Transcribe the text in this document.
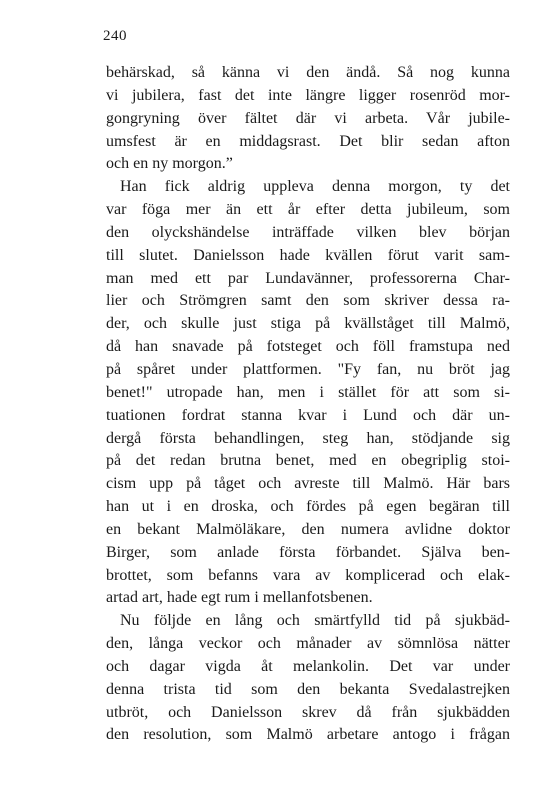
240
behärskad, så känna vi den ändå. Så nog kunna
vi jubilera, fast det inte längre ligger rosenröd mor-
gongryning över fältet där vi arbeta. Vår jubile-
umsfest är en middagsrast. Det blir sedan afton
och en ny morgon.”
Han fick aldrig uppleva denna morgon, ty det
var föga mer än ett år efter detta jubileum, som
den olyckshändelse inträffade vilken blev början
till slutet. Danielsson hade kvällen förut varit sam-
man med ett par Lundavänner, professorerna Char-
lier och Strömgren samt den som skriver dessa ra-
der, och skulle just stiga på kvällståget till Malmö,
då han snavade på fotsteget och föll framstupa ned
på spåret under plattformen. "Fy fan, nu bröt jag
benet!" utropade han, men i stället för att som si-
tuationen fordrat stanna kvar i Lund och där un-
dergå första behandlingen, steg han, stödjande sig
på det redan brutna benet, med en obegriplig stoi-
cism upp på tåget och avreste till Malmö. Här bars
han ut i en droska, och fördes på egen begäran till
en bekant Malmöläkare, den numera avlidne doktor
Birger, som anlade första förbandet. Själva ben-
brottet, som befanns vara av komplicerad och elak-
artad art, hade egt rum i mellanfotsbenen.
Nu följde en lång och smärtfylld tid på sjukbäd-
den, långa veckor och månader av sömnlösa nätter
och dagar vigda åt melankolin. Det var under
denna trista tid som den bekanta Svedalastrejken
utbröt, och Danielsson skrev då från sjukbädden
den resolution, som Malmö arbetare antogo i frågan
